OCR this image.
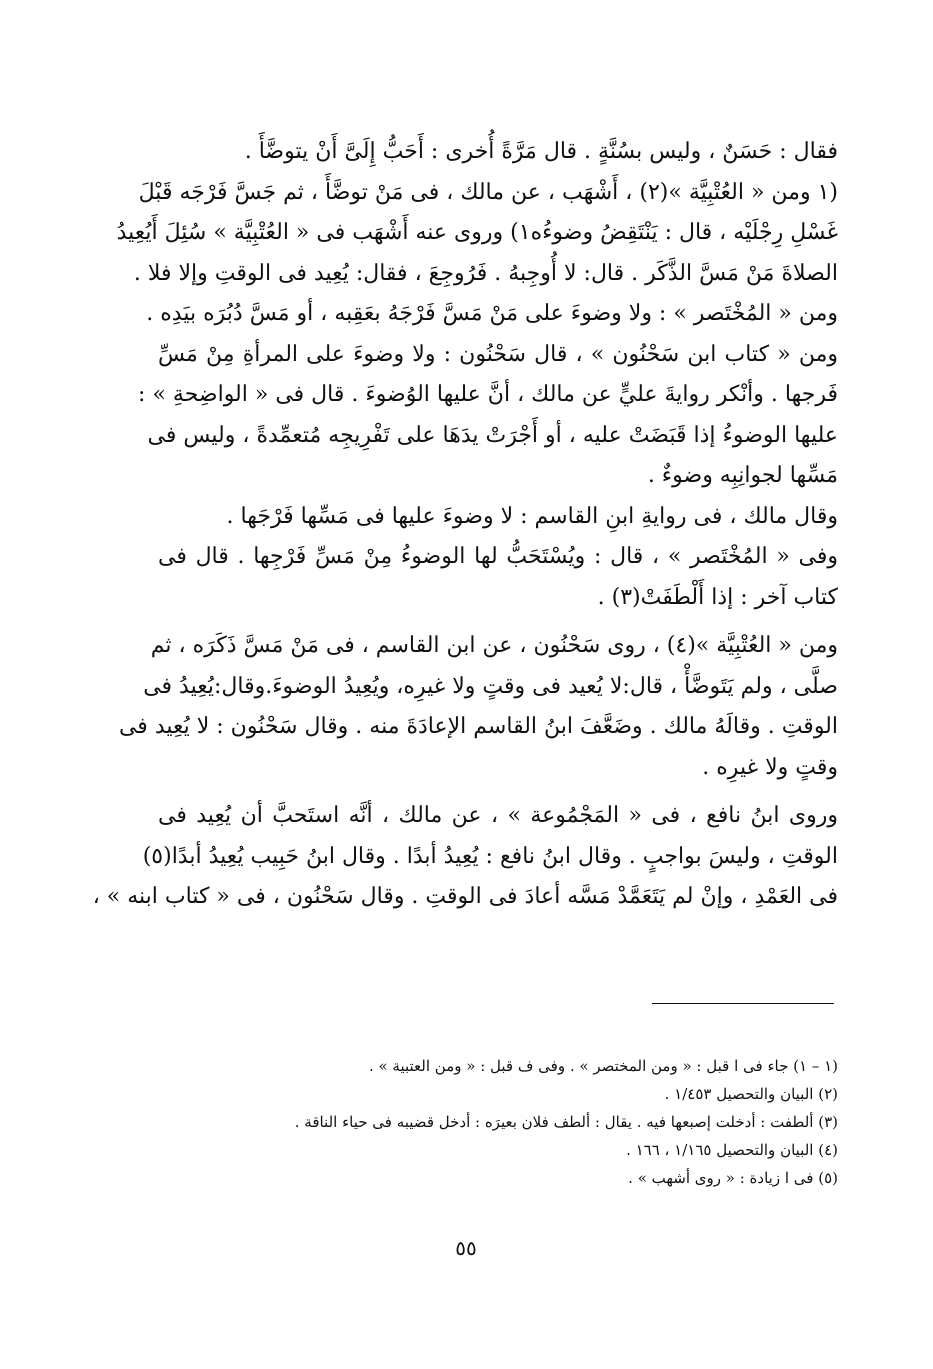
فقال : حَسَنٌ ، وليس بسُنَّةٍ . قال مَرَّةً أُخرى : أَحَبُّ إِلَىَّ أَنْ يتوضَّأَ .
(١ ومن « العُتْبِيَّة »(٢) ، أَشْهَب ، عن مالك ، فى مَنْ توضَّأَ ، ثم جَسَّ فَرْجَه قَبْلَ
غَسْلِ رِجْلَيْه ، قال : يَنْتَقِضُ وضوءُه١) وروى عنه أَشْهَب فى « العُتْبِيَّة » سُئِلَ أَيُعِيدُ
الصلاةَ مَنْ مَسَّ الذَّكَر . قال: لا أُوجِبهُ . فَرُوجِعَ ، فقال: يُعِيد فى الوقتِ وإلا فلا .
ومن « المُخْتَصر » : ولا وضوءَ على مَنْ مَسَّ فَرْجَهُ بعَقِبه ، أو مَسَّ دُبُرَه بيَدِه .
ومن « كتاب ابن سَحْنُون » ، قال سَحْنُون : ولا وضوءَ على المرأةِ مِنْ مَسِّ
فَرجها . وأنْكر روايةَ عليٍّ عن مالك ، أنَّ عليها الوُضوءَ . قال فى « الواضِحةِ » :
عليها الوضوءُ إذا قَبَضَتْ عليه ، أو أَجْرَتْ يدَهَا على تَفْرِيجِه مُتعمِّدةً ، وليس فى
مَسِّها لجوانِبِه وضوءٌ .
وقال مالك ، فى روايةِ ابنِ القاسم : لا وضوءَ عليها فى مَسِّها فَرْجَها .
وفى « المُخْتَصر » ، قال : ويُسْتَحَبُّ لها الوضوءُ مِنْ مَسِّ فَرْجِها . قال فى
كتاب آخر : إذا أَلْطَفَتْ(٣) .
ومن « العُتْبِيَّة »(٤) ، روى سَحْنُون ، عن ابن القاسم ، فى مَنْ مَسَّ ذَكَرَه ، ثم
صلَّى ، ولم يَتَوضَّأْ ، قال:لا يُعيد فى وقتٍ ولا غيرِه، ويُعِيدُ الوضوءَ.وقال:يُعِيدُ فى
الوقتِ . وقالَهُ مالك . وضَعَّفَ ابنُ القاسم الإعادَةَ منه . وقال سَحْنُون : لا يُعِيد فى
وقتٍ ولا غيرِه .
وروى ابنُ نافع ، فى « المَجْمُوعة » ، عن مالك ، أنَّه استَحبَّ أن يُعِيد فى
الوقتِ ، وليسَ بواجبٍ . وقال ابنُ نافع : يُعِيدُ أبدًا . وقال ابنُ حَبِيب يُعِيدُ أبدًا(٥)
فى العَمْدِ ، وإنْ لم يَتَعَمَّدْ مَسَّه أعادَ فى الوقتِ . وقال سَحْنُون ، فى « كتاب ابنه » ،
(١ – ١) جاء فى ا قبل : « ومن المختصر » . وفى ف قبل : « ومن العتبية » .
(٢) البيان والتحصيل ١/٤٥٣ .
(٣) ألطفت : أدخلت إصبعها فيه . يقال : ألطف فلان بعيرَه : أدخل قضيبه فى حياء الناقة .
(٤) البيان والتحصيل ١/١٦٥ ، ١٦٦ .
(٥) فى ا زيادة : « روى أشهب » .
٥٥
